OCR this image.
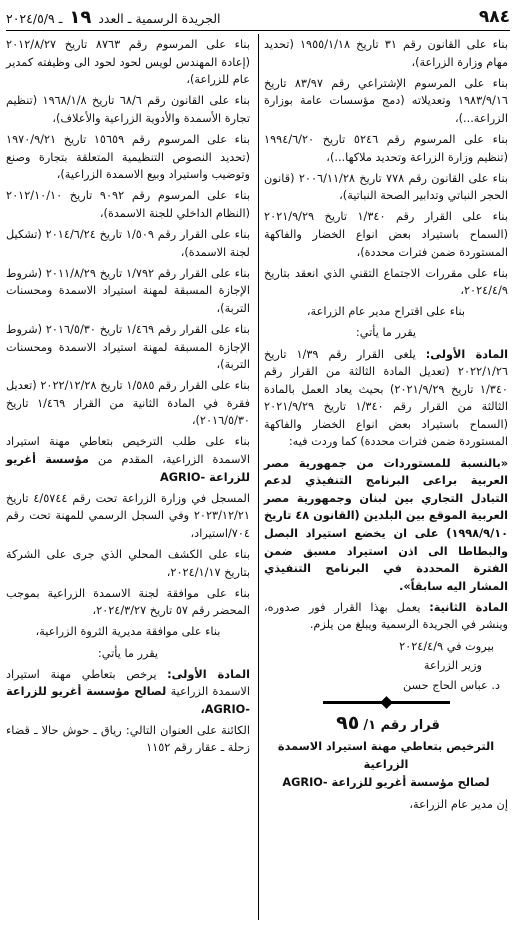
٩٨٤
الجريدة الرسمية ـ العدد ١٩ ـ ٢٠٢٤/٥/٩

بناء على القانون رقم ٣١ تاريخ ١٩٥٥/١/١٨ (تحديد مهام وزارة الزراعة)،

بناء على المرسوم الإشتراعي رقم ٨٣/٩٧ تاريخ ١٩٨٣/٩/١٦ وتعديلاته (دمج مؤسسات عامة بوزارة الزراعة...)،

بناء على المرسوم رقم ٥٢٤٦ تاريخ ١٩٩٤/٦/٢٠ (تنظيم وزارة الزراعة وتحديد ملاكها...)،

بناء على القانون رقم ٧٧٨ تاريخ ٢٠٠٦/١١/٢٨ (قانون الحجر النباتي وتدابير الصحة النباتية)،

بناء على القرار رقم ١/٣٤٠ تاريخ ٢٠٢١/٩/٢٩ (السماح باستيراد بعض انواع الخضار والفاكهة المستوردة ضمن فترات محددة)،

بناء على مقررات الاجتماع التقني الذي انعقد بتاريخ ٢٠٢٤/٤/٩،

بناء على اقتراح مدير عام الزراعة،

يقرر ما يأتي:

المادة الأولى: يلغى القرار رقم ١/٣٩ تاريخ ٢٠٢٢/١/٢٦ (تعديل المادة الثالثة من القرار رقم ١/٣٤٠ تاريخ ٢٠٢١/٩/٢٩) بحيث يعاد العمل بالمادة الثالثة من القرار رقم ١/٣٤٠ تاريخ ٢٠٢١/٩/٢٩ (السماح باستيراد بعض انواع الخضار والفاكهة المستوردة ضمن فترات محددة) كما وردت فيه:

«بالنسبة للمستوردات من جمهورية مصر العربية براعى البرنامج التنفيذي لدعم التبادل التجاري بين لبنان وجمهورية مصر العربية الموقع بين البلدين (القانون ٤٨ تاريخ ١٩٩٨/٩/١٠) على ان يخضع استيراد البصل والبطاطا الى اذن استيراد مسبق ضمن الفترة المحددة في البرنامج التنفيذي المشار اليه سابقاً».

المادة الثانية: يعمل بهذا القرار فور صدوره، وينشر في الجريدة الرسمية ويبلغ من يلزم.

بيروت في ٢٠٢٤/٤/٩

وزير الزراعة

د. عباس الحاج حسن

قرار رقم ٩٥ /١

الترخيص بتعاطي مهنة استيراد الاسمدة الزراعية
لصالح مؤسسة أغريو للزراعة -AGRIO

إن مدير عام الزراعة،

بناء على المرسوم رقم ٨٧٦٣ تاريخ ٢٠١٢/٨/٢٧ (إعادة المهندس لويس لحود لحود الى وظيفته كمدير عام للزراعة)،

بناء على القانون رقم ٦٨/٦ تاريخ ١٩٦٨/١/٨ (تنظيم تجارة الأسمدة والأدوية الزراعية والأعلاف)،

بناء على المرسوم رقم ١٥٦٥٩ تاريخ ١٩٧٠/٩/٢١ (تحديد النصوص التنظيمية المتعلقة بتجارة وصنع وتوضيب واستيراد وبيع الاسمدة الزراعية)،

بناء على المرسوم رقم ٩٠٩٢ تاريخ ٢٠١٢/١٠/١٠ (النظام الداخلي للجنة الاسمدة)،

بناء على القرار رقم ١/٥٠٩ تاريخ ٢٠١٤/٦/٢٤ (تشكيل لجنة الاسمدة)،

بناء على القرار رقم ١/٧٩٢ تاريخ ٢٠١١/٨/٢٩ (شروط الإجازة المسبقة لمهنة استيراد الاسمدة ومحسنات التربة)،

بناء على القرار رقم ١/٤٦٩ تاريخ ٢٠١٦/٥/٣٠ (شروط الإجازة المسبقة لمهنة استيراد الاسمدة ومحسنات التربة)،

بناء على القرار رقم ١/٥٨٥ تاريخ ٢٠٢٢/١٢/٢٨ (تعديل فقرة في المادة الثانية من القرار ١/٤٦٩ تاريخ ٢٠١٦/٥/٣٠)،

بناء على طلب الترخيص بتعاطي مهنة استيراد الاسمدة الزراعية، المقدم من مؤسسة أغريو للزراعة -AGRIO

المسجل في وزارة الزراعة تحت رقم ٤/٥٧٤٤ تاريخ ٢٠٢٣/١٢/٢١ وفي السجل الرسمي للمهنة تحت رقم ٧٠٤/استيراد،

بناء على الكشف المحلي الذي جرى على الشركة بتاريخ ٢٠٢٤/١/١٧،

بناء على موافقة لجنة الاسمدة الزراعية بموجب المحضر رقم ٥٧ تاريخ ٢٠٢٤/٣/٢٧،

بناء على موافقة مديرية الثروة الزراعية،

يقرر ما يأتي:

المادة الأولى: يرخص بتعاطي مهنة استيراد الاسمدة الزراعية لصالح مؤسسة أغريو للزراعة -AGRIO،

الكائنة على العنوان التالي: رياق ـ حوش حالا ـ قضاء زحلة ـ عقار رقم ١١٥٢
